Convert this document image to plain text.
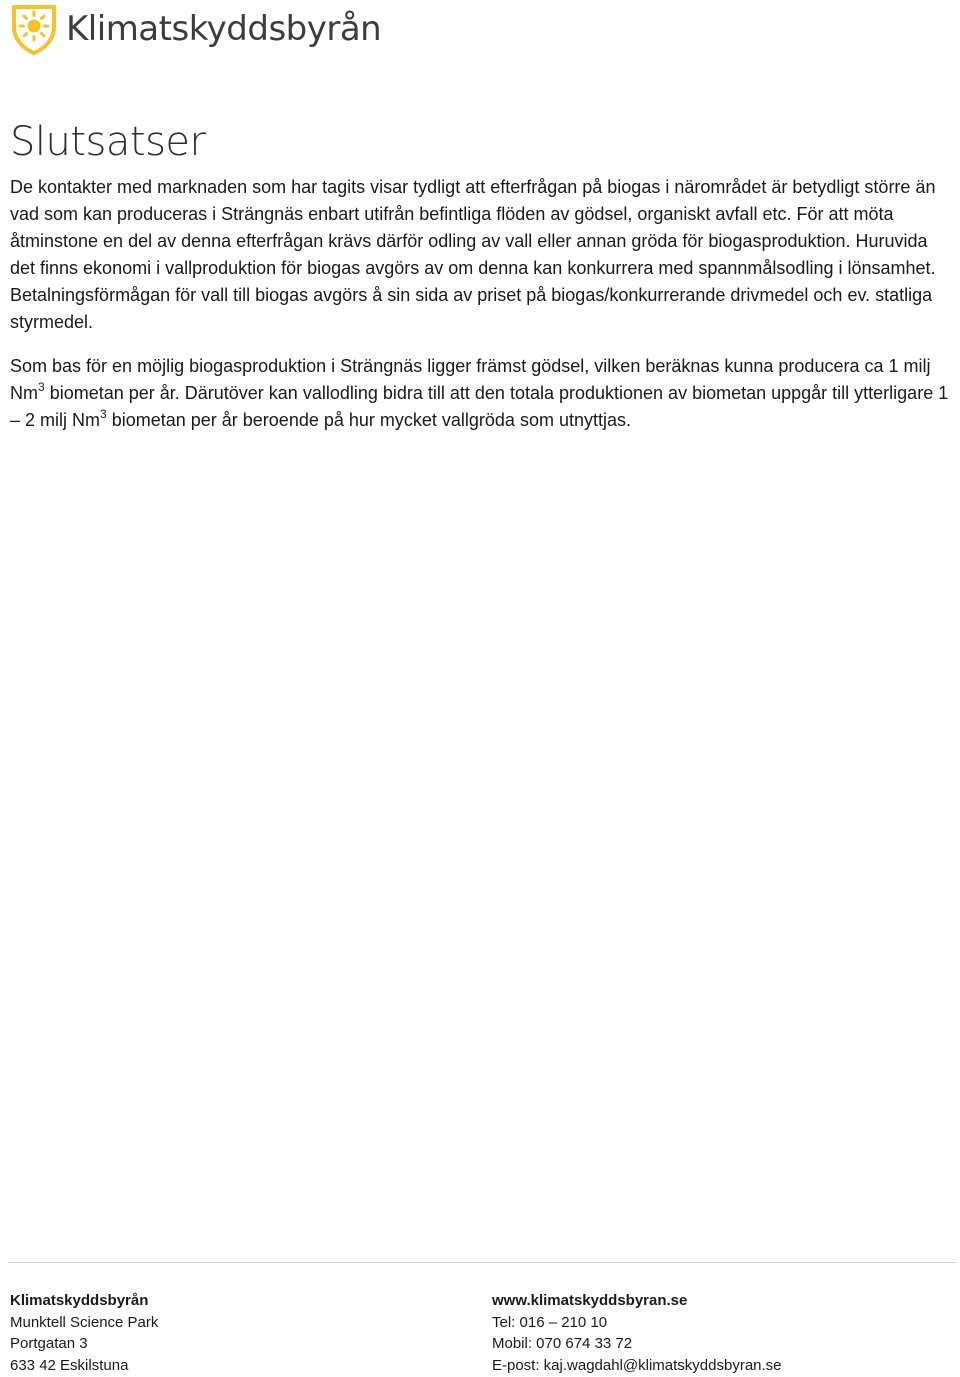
Klimatskyddsbyrån
Slutsatser

De kontakter med marknaden som har tagits visar tydligt att efterfrågan på biogas i närområdet är betydligt större än vad som kan produceras i Strängnäs enbart utifrån befintliga flöden av gödsel, organiskt avfall etc. För att möta åtminstone en del av denna efterfrågan krävs därför odling av vall eller annan gröda för biogasproduktion. Huruvida det finns ekonomi i vallproduktion för biogas avgörs av om denna kan konkurrera med spannmålsodling i lönsamhet. Betalningsförmågan för vall till biogas avgörs å sin sida av priset på biogas/konkurrerande drivmedel och ev. statliga styrmedel.

Som bas för en möjlig biogasproduktion i Strängnäs ligger främst gödsel, vilken beräknas kunna producera ca 1 milj Nm$^3$ biometan per år. Därutöver kan vallodling bidra till att den totala produktionen av biometan uppgår till ytterligare 1 – 2 milj Nm$^3$ biometan per år beroende på hur mycket vallgröda som utnyttjas.

Klimatskyddsbyrån
Munktell Science Park
Portgatan 3
633 42 Eskilstuna
www.klimatskyddsbyran.se
Tel: 016 – 210 10
Mobil: 070 674 33 72
E-post: kaj.wagdahl@klimatskyddsbyran.se
